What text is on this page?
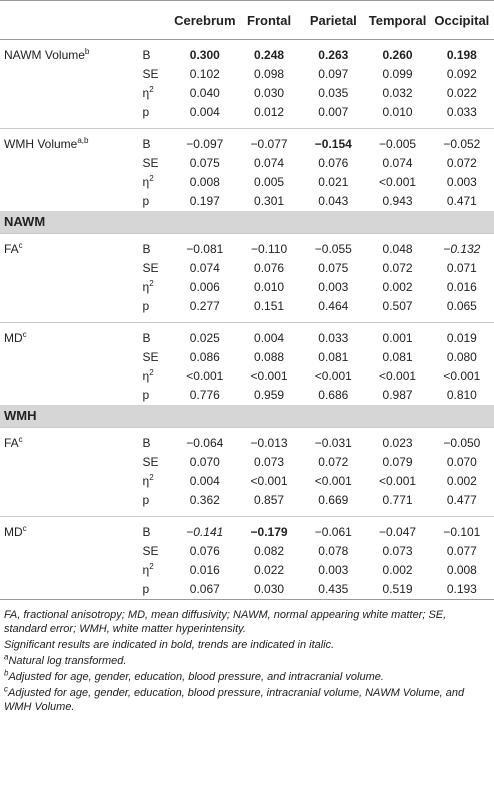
		Cerebrum	Frontal	Parietal	Temporal	Occipital
NAWM Volume$^b$	B	0.300	0.248	0.263	0.260	0.198
	SE	0.102	0.098	0.097	0.099	0.092
	$\eta^2$	0.040	0.030	0.035	0.032	0.022
	p	0.004	0.012	0.007	0.010	0.033
WMH Volume$^{a,b}$	B	−0.097	−0.077	−0.154	−0.005	−0.052
	SE	0.075	0.074	0.076	0.074	0.072
	$\eta^2$	0.008	0.005	0.021	<0.001	0.003
	p	0.197	0.301	0.043	0.943	0.471
NAWM						
$FA^c$	B	−0.081	−0.110	−0.055	0.048	−0.132
	SE	0.074	0.076	0.075	0.072	0.071
	$\eta^2$	0.006	0.010	0.003	0.002	0.016
	p	0.277	0.151	0.464	0.507	0.065
$MD^c$	B	0.025	0.004	0.033	0.001	0.019
	SE	0.086	0.088	0.081	0.081	0.080
	$\eta^2$	<0.001	<0.001	<0.001	<0.001	<0.001
	p	0.776	0.959	0.686	0.987	0.810
WMH						
$FA^c$	B	−0.064	−0.013	−0.031	0.023	−0.050
	SE	0.070	0.073	0.072	0.079	0.070
	$\eta^2$	0.004	<0.001	<0.001	<0.001	0.002
	p	0.362	0.857	0.669	0.771	0.477
$MD^c$	B	−0.141	−0.179	−0.061	−0.047	−0.101
	SE	0.076	0.082	0.078	0.073	0.077
	$\eta^2$	0.016	0.022	0.003	0.002	0.008
	p	0.067	0.030	0.435	0.519	0.193

FA, fractional anisotropy; MD, mean diffusivity; NAWM, normal appearing white matter; SE, standard error; WMH, white matter hyperintensity.

Significant results are indicated in bold, trends are indicated in italic.

$^a$Natural log transformed.

$^b$Adjusted for age, gender, education, blood pressure, and intracranial volume.

$^c$Adjusted for age, gender, education, blood pressure, intracranial volume, NAWM Volume, and WMH Volume.
